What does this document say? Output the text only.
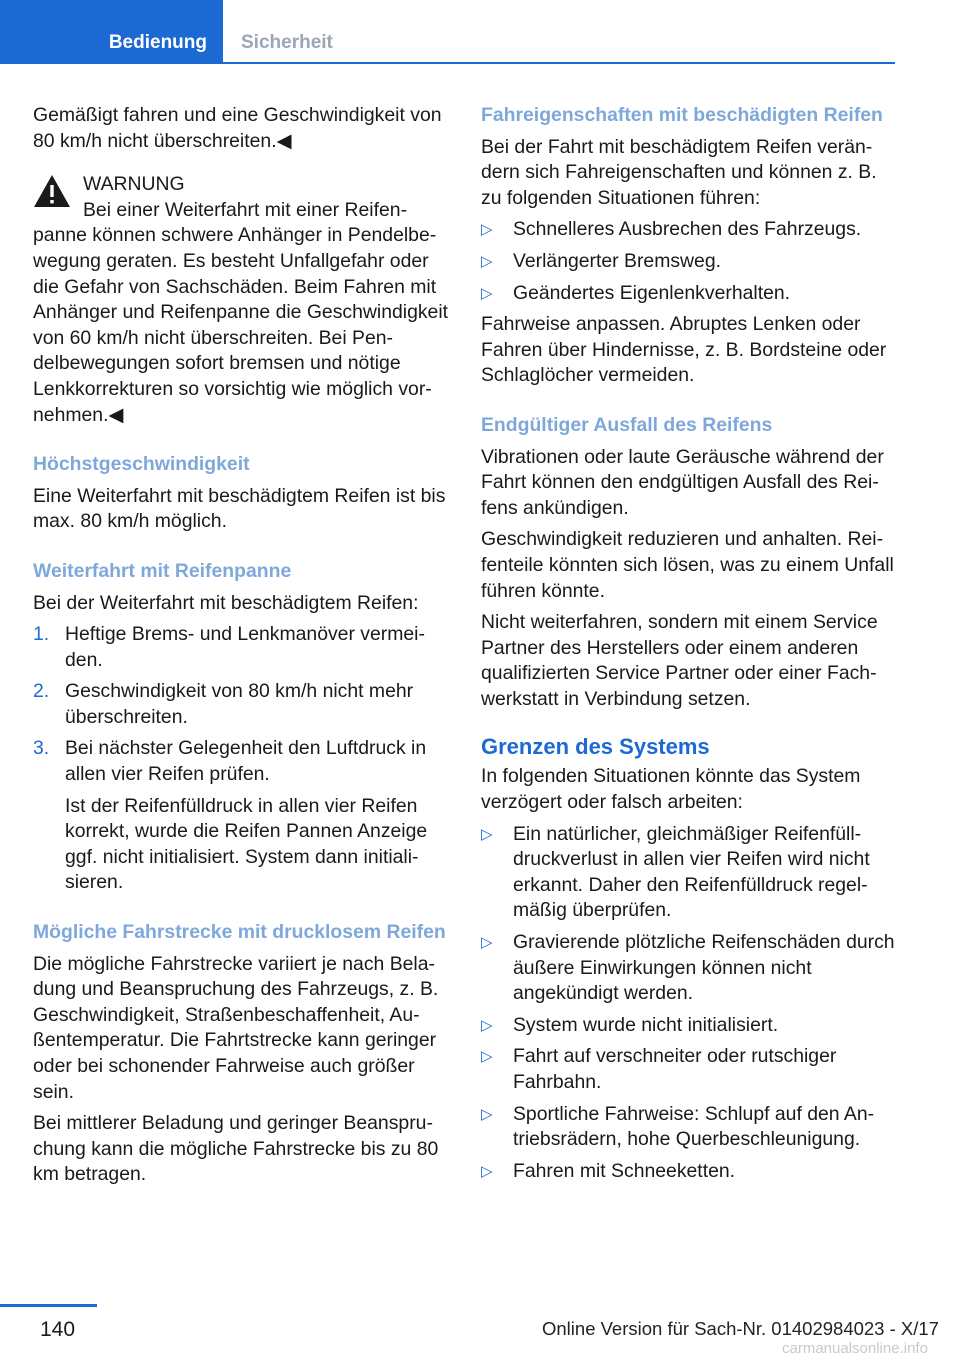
Bedienung Sicherheit

Gemäßigt fahren und eine Geschwindigkeit von 80 km/h nicht überschreiten.◀

WARNUNG
Bei einer Weiterfahrt mit einer Reifen-

panne können schwere Anhänger in Pendelbewegung geraten. Es besteht Unfallgefahr oder die Gefahr von Sachschäden. Beim Fahren mit Anhänger und Reifenpanne die Geschwindigkeit von 60 km/h nicht überschreiten. Bei Pendelbewegungen sofort bremsen und nötige Lenkkorrekturen so vorsichtig wie möglich vornehmen.◀

Höchstgeschwindigkeit

Eine Weiterfahrt mit beschädigtem Reifen ist bis max. 80 km/h möglich.

Weiterfahrt mit Reifenpanne

Bei der Weiterfahrt mit beschädigtem Reifen:

1. Heftige Brems- und Lenkmanöver vermeiden.
2. Geschwindigkeit von 80 km/h nicht mehr überschreiten.
3. Bei nächster Gelegenheit den Luftdruck in allen vier Reifen prüfen.

Ist der Reifenfülldruck in allen vier Reifen korrekt, wurde die Reifen Pannen Anzeige ggf. nicht initialisiert. System dann initialisieren.

Mögliche Fahrstrecke mit drucklosem Reifen

Die mögliche Fahrstrecke variiert je nach Beladung und Beanspruchung des Fahrzeugs, z. B. Geschwindigkeit, Straßenbeschaffenheit, Außentemperatur. Die Fahrtstrecke kann geringer oder bei schonender Fahrweise auch größer sein.

Bei mittlerer Beladung und geringer Beanspruchung kann die mögliche Fahrstrecke bis zu 80 km betragen.

Fahreigenschaften mit beschädigten Reifen

Bei der Fahrt mit beschädigtem Reifen verändern sich Fahreigenschaften und können z. B. zu folgenden Situationen führen:

▷ Schnelleres Ausbrechen des Fahrzeugs.
▷ Verlängerter Bremsweg.
▷ Geändertes Eigenlenkverhalten.

Fahrweise anpassen. Abruptes Lenken oder Fahren über Hindernisse, z. B. Bordsteine oder Schlaglöcher vermeiden.

Endgültiger Ausfall des Reifens

Vibrationen oder laute Geräusche während der Fahrt können den endgültigen Ausfall des Reifens ankündigen.

Geschwindigkeit reduzieren und anhalten. Reifenteile könnten sich lösen, was zu einem Unfall führen könnte.

Nicht weiterfahren, sondern mit einem Service Partner des Herstellers oder einem anderen qualifizierten Service Partner oder einer Fachwerkstatt in Verbindung setzen.

Grenzen des Systems

In folgenden Situationen könnte das System verzögert oder falsch arbeiten:

▷ Ein natürlicher, gleichmäßiger Reifenfülldruckverlust in allen vier Reifen wird nicht erkannt. Daher den Reifenfülldruck regelmäßig überprüfen.
▷ Gravierende plötzliche Reifenschäden durch äußere Einwirkungen können nicht angekündigt werden.
▷ System wurde nicht initialisiert.
▷ Fahrt auf verschneiter oder rutschiger Fahrbahn.
▷ Sportliche Fahrweise: Schlupf auf den Antriebsrädern, hohe Querbeschleunigung.
▷ Fahren mit Schneeketten.
140	Online Version für Sach-Nr. 01402984023 - X/17
carmanualsonline.info
